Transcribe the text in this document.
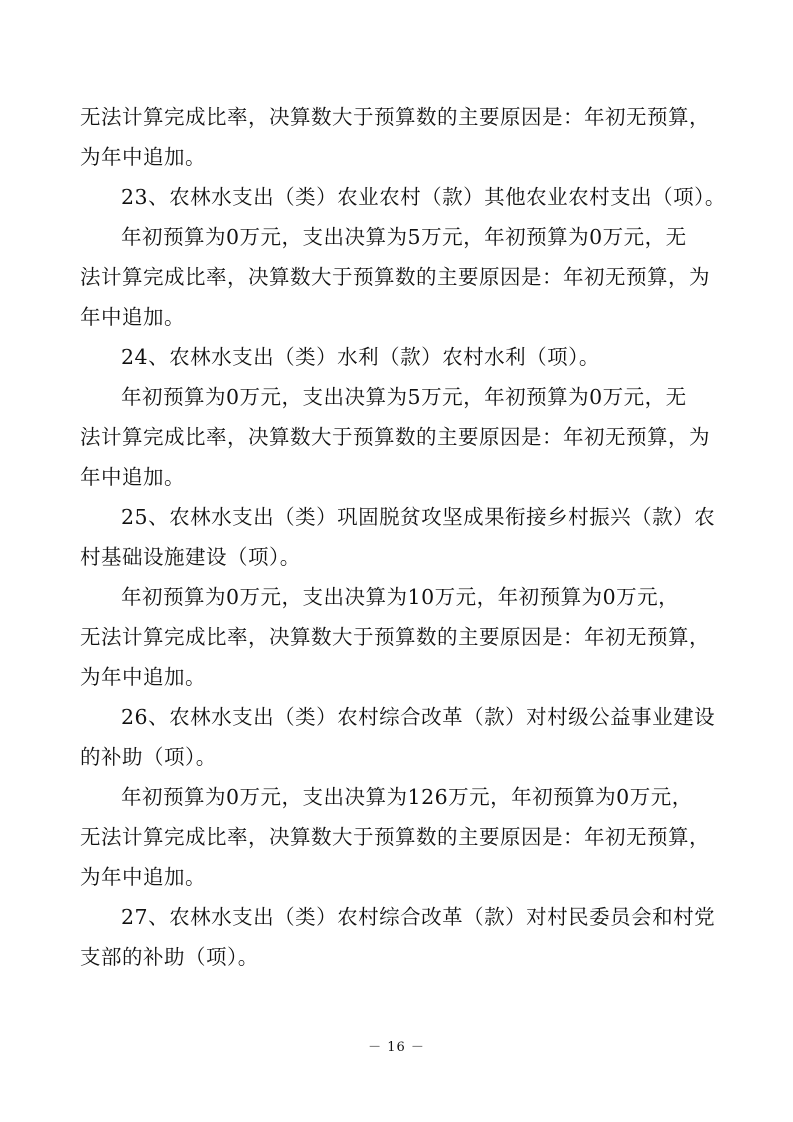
无法计算完成比率，决算数大于预算数的主要原因是：年初无预算，
为年中追加。
23、农林水支出（类）农业农村（款）其他农业农村支出（项）。
年初预算为0万元，支出决算为5万元，年初预算为0万元，无
法计算完成比率，决算数大于预算数的主要原因是：年初无预算，为
年中追加。
24、农林水支出（类）水利（款）农村水利（项）。
年初预算为0万元，支出决算为5万元，年初预算为0万元，无
法计算完成比率，决算数大于预算数的主要原因是：年初无预算，为
年中追加。
25、农林水支出（类）巩固脱贫攻坚成果衔接乡村振兴（款）农
村基础设施建设（项）。
年初预算为0万元，支出决算为10万元，年初预算为0万元，
无法计算完成比率，决算数大于预算数的主要原因是：年初无预算，
为年中追加。
26、农林水支出（类）农村综合改革（款）对村级公益事业建设
的补助（项）。
年初预算为0万元，支出决算为126万元，年初预算为0万元，
无法计算完成比率，决算数大于预算数的主要原因是：年初无预算，
为年中追加。
27、农林水支出（类）农村综合改革（款）对村民委员会和村党
支部的补助（项）。
－ 16 －
